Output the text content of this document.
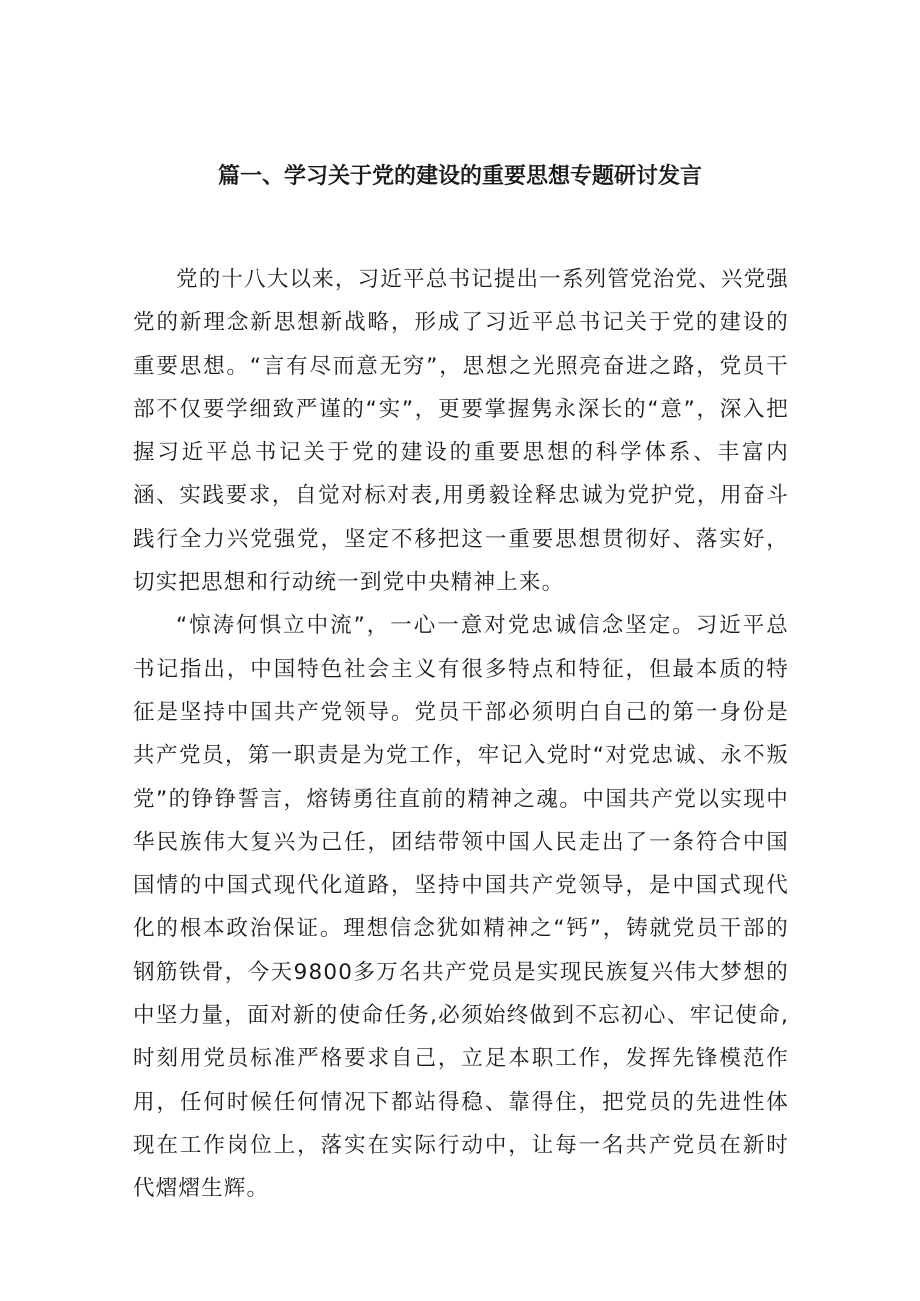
篇一、学习关于党的建设的重要思想专题研讨发言

党的十八大以来，习近平总书记提出一系列管党治党、兴党强党的新理念新思想新战略，形成了习近平总书记关于党的建设的重要思想。“言有尽而意无穷”，思想之光照亮奋进之路，党员干部不仅要学细致严谨的“实”，更要掌握隽永深长的“意”，深入把握习近平总书记关于党的建设的重要思想的科学体系、丰富内涵、实践要求，自觉对标对表,用勇毅诠释忠诚为党护党，用奋斗践行全力兴党强党，坚定不移把这一重要思想贯彻好、落实好，切实把思想和行动统一到党中央精神上来。

“惊涛何惧立中流”，一心一意对党忠诚信念坚定。习近平总书记指出，中国特色社会主义有很多特点和特征，但最本质的特征是坚持中国共产党领导。党员干部必须明白自己的第一身份是共产党员，第一职责是为党工作，牢记入党时“对党忠诚、永不叛党”的铮铮誓言，熔铸勇往直前的精神之魂。中国共产党以实现中华民族伟大复兴为己任，团结带领中国人民走出了一条符合中国国情的中国式现代化道路，坚持中国共产党领导，是中国式现代化的根本政治保证。理想信念犹如精神之“钙”，铸就党员干部的钢筋铁骨，今天9800多万名共产党员是实现民族复兴伟大梦想的中坚力量，面对新的使命任务,必须始终做到不忘初心、牢记使命,时刻用党员标准严格要求自己，立足本职工作，发挥先锋模范作用，任何时候任何情况下都站得稳、靠得住，把党员的先进性体现在工作岗位上，落实在实际行动中，让每一名共产党员在新时代熠熠生辉。
